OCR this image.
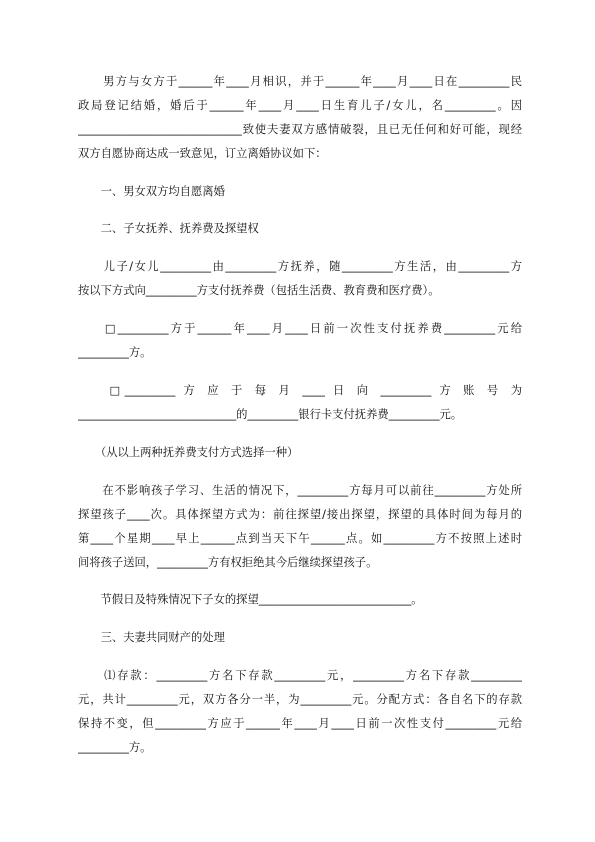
　　男方与女方于______年____月相识，并于______年____月____日在_________民
政局登记结婚，婚后于______年____月____日生育儿子/女儿，名_________。因
_____________________________致使夫妻双方感情破裂，且已无任何和好可能，现经
双方自愿协商达成一致意见，订立离婚协议如下：
　　一、男女双方均自愿离婚
　　二、子女抚养、抚养费及探望权
　　儿子/女儿_________由_________方抚养，随_________方生活，由_________方
按以下方式向_________方支付抚养费（包括生活费、教育费和医疗费）。
　　□_________方于______年____月____日前一次性支付抚养费_________元给
_________方。
　　□_________ 方 应 于 每 月 ____ 日 向 _________ 方 账 号 为
____________________________的_________银行卡支付抚养费_________元。
　　（从以上两种抚养费支付方式选择一种）
　　在不影响孩子学习、生活的情况下，_________方每月可以前往_________方处所
探望孩子____次。具体探望方式为：前往探望/接出探望，探望的具体时间为每月的
第____个星期____早上______点到当天下午______点。如_________方不按照上述时
间将孩子送回，_________方有权拒绝其今后继续探望孩子。
　　节假日及特殊情况下子女的探望___________________________。
　　三、夫妻共同财产的处理
　　⑴存款：_________方名下存款_________元，_________方名下存款_________
元，共计_________元，双方各分一半，为_________元。分配方式：各自名下的存款
保持不变，但_________方应于______年____月____日前一次性支付_________元给
_________方。
